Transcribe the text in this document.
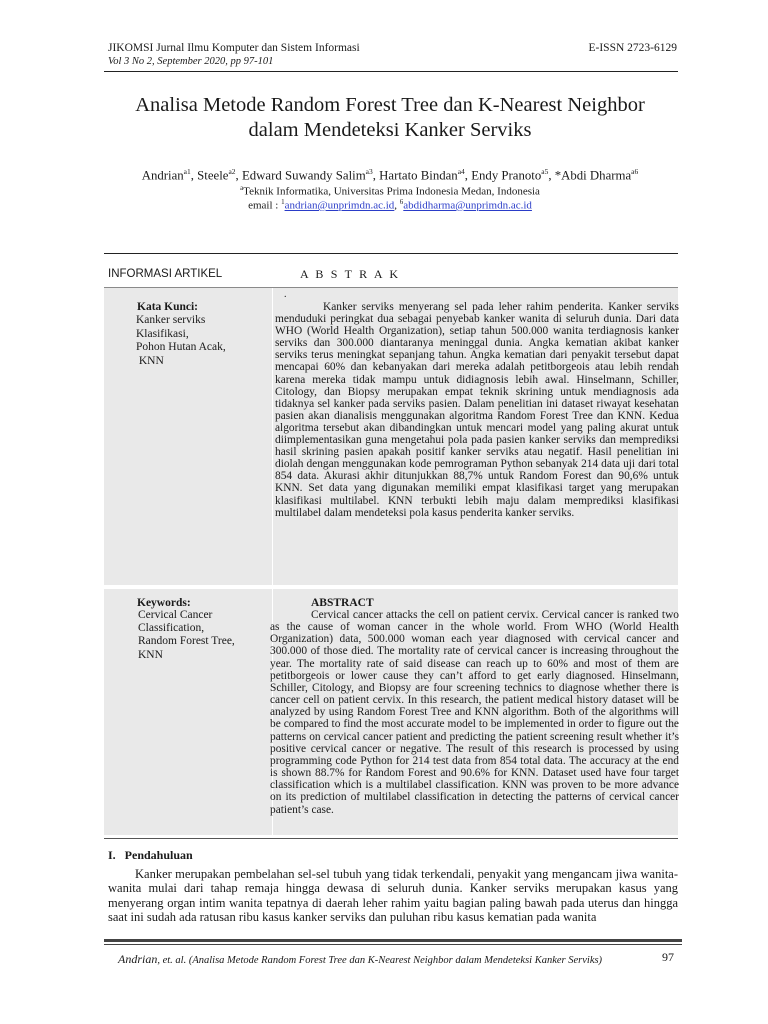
JIKOMSI Jurnal Ilmu Komputer dan Sistem Informasi
Vol 3 No 2, September 2020, pp 97-101
E-ISSN 2723-6129
Analisa Metode Random Forest Tree dan K-Nearest Neighbor
dalam Mendeteksi Kanker Serviks
Andrian$^{a1}$, Steele$^{a2}$, Edward Suwandy Salim$^{a3}$, Hartato Bindan$^{a4}$, Endy Pranoto$^{a5}$, *Abdi Dharma$^{a6}$
$^a$Teknik Informatika, Universitas Prima Indonesia Medan, Indonesia
email : $^1$andrian@unprimdn.ac.id, $^6$abdidharma@unprimdn.ac.id
INFORMASI ARTIKEL	A B S T R A K
.
Kata Kunci:
Kanker serviks
Klasifikasi,
Pohon Hutan Acak,
KNN

Kanker serviks menyerang sel pada leher rahim penderita. Kanker serviks menduduki peringkat dua sebagai penyebab kanker wanita di seluruh dunia. Dari data WHO (World Health Organization), setiap tahun 500.000 wanita terdiagnosis kanker serviks dan 300.000 diantaranya meninggal dunia. Angka kematian akibat kanker serviks terus meningkat sepanjang tahun. Angka kematian dari penyakit tersebut dapat mencapai 60% dan kebanyakan dari mereka adalah petitborgeois atau lebih rendah karena mereka tidak mampu untuk didiagnosis lebih awal. Hinselmann, Schiller, Citology, dan Biopsy merupakan empat teknik skrining untuk mendiagnosis ada tidaknya sel kanker pada serviks pasien. Dalam penelitian ini dataset riwayat kesehatan pasien akan dianalisis menggunakan algoritma Random Forest Tree dan KNN. Kedua algoritma tersebut akan dibandingkan untuk mencari model yang paling akurat untuk diimplementasikan guna mengetahui pola pada pasien kanker serviks dan memprediksi hasil skrining pasien apakah positif kanker serviks atau negatif. Hasil penelitian ini diolah dengan menggunakan kode pemrograman Python sebanyak 214 data uji dari total 854 data. Akurasi akhir ditunjukkan 88,7% untuk Random Forest dan 90,6% untuk KNN. Set data yang digunakan memiliki empat klasifikasi target yang merupakan klasifikasi multilabel. KNN terbukti lebih maju dalam memprediksi klasifikasi multilabel dalam mendeteksi pola kasus penderita kanker serviks.

Keywords:
Cervical Cancer
Classification,
Random Forest Tree,
KNN
ABSTRACT

Cervical cancer attacks the cell on patient cervix. Cervical cancer is ranked two as the cause of woman cancer in the whole world. From WHO (World Health Organization) data, 500.000 woman each year diagnosed with cervical cancer and 300.000 of those died. The mortality rate of cervical cancer is increasing throughout the year. The mortality rate of said disease can reach up to 60% and most of them are petitborgeois or lower cause they can’t afford to get early diagnosed. Hinselmann, Schiller, Citology, and Biopsy are four screening technics to diagnose whether there is cancer cell on patient cervix. In this research, the patient medical history dataset will be analyzed by using Random Forest Tree and KNN algorithm. Both of the algorithms will be compared to find the most accurate model to be implemented in order to figure out the patterns on cervical cancer patient and predicting the patient screening result whether it’s positive cervical cancer or negative. The result of this research is processed by using programming code Python for 214 test data from 854 total data. The accuracy at the end is shown 88.7% for Random Forest and 90.6% for KNN. Dataset used have four target classification which is a multilabel classification. KNN was proven to be more advance on its prediction of multilabel classification in detecting the patterns of cervical cancer patient’s case.

I.   Pendahuluan

Kanker merupakan pembelahan sel-sel tubuh yang tidak terkendali, penyakit yang mengancam jiwa wanita-wanita mulai dari tahap remaja hingga dewasa di seluruh dunia. Kanker serviks merupakan kasus yang menyerang organ intim wanita tepatnya di daerah leher rahim yaitu bagian paling bawah pada uterus dan hingga saat ini sudah ada ratusan ribu kasus kanker serviks dan puluhan ribu kasus kematian pada wanita

Andrian, et. al. (Analisa Metode Random Forest Tree dan K-Nearest Neighbor dalam Mendeteksi Kanker Serviks)	97
